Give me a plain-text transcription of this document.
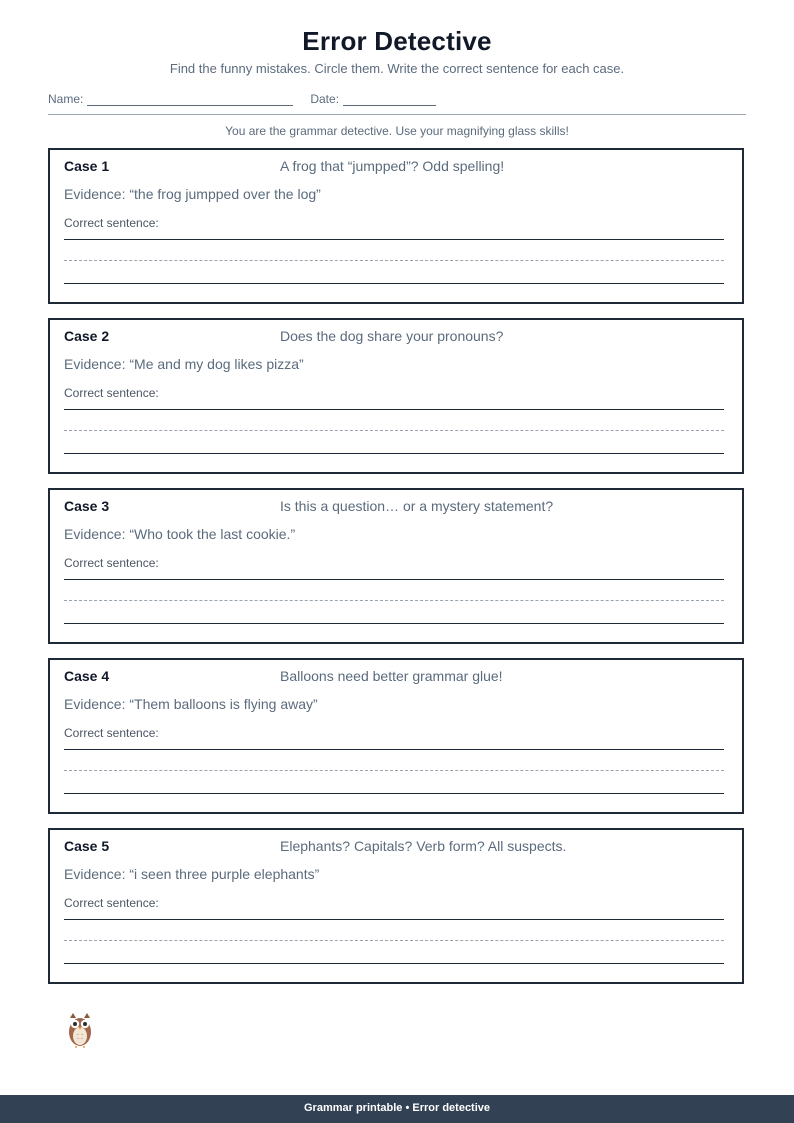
Error Detective
Find the funny mistakes. Circle them. Write the correct sentence for each case.
Name:	Date:
You are the grammar detective. Use your magnifying glass skills!
Case 1	A frog that “jumpped”? Odd spelling!
Evidence: “the frog jumpped over the log”
Correct sentence:
Case 2	Does the dog share your pronouns?
Evidence: “Me and my dog likes pizza”
Correct sentence:
Case 3	Is this a question… or a mystery statement?
Evidence: “Who took the last cookie.”
Correct sentence:
Case 4	Balloons need better grammar glue!
Evidence: “Them balloons is flying away”
Correct sentence:
Case 5	Elephants? Capitals? Verb form? All suspects.
Evidence: “i seen three purple elephants”
Correct sentence:
Grammar printable • Error detective
